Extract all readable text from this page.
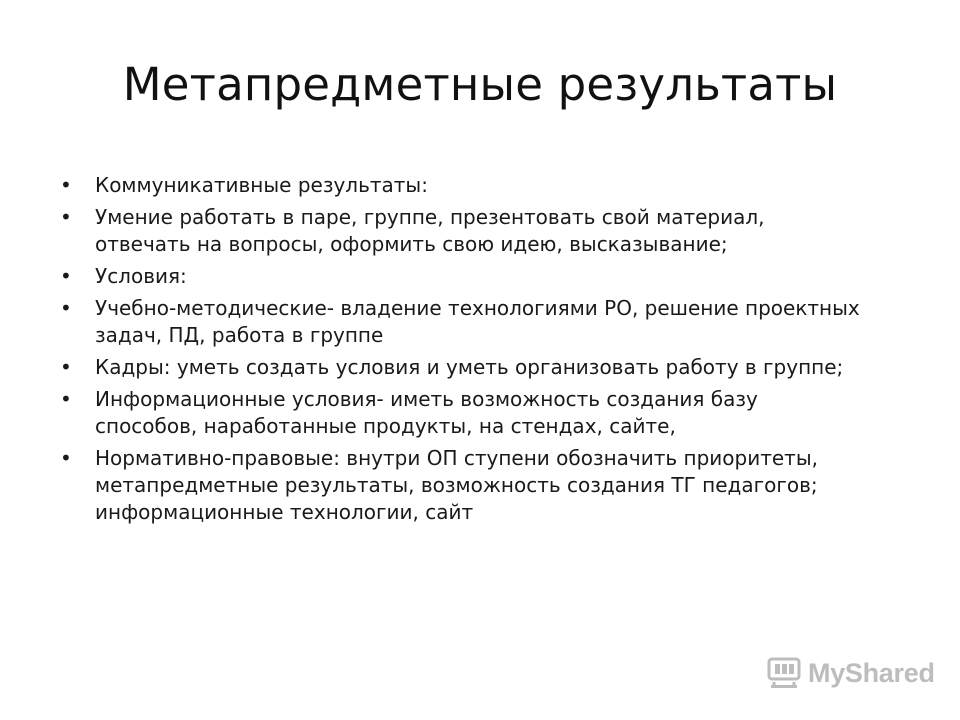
Метапредметные результаты
• Коммуникативные результаты:
• Умение работать в паре, группе, презентовать свой материал, отвечать на вопросы, оформить свою идею, высказывание;
• Условия:
• Учебно-методические- владение технологиями РО, решение проектных задач, ПД, работа в группе
• Кадры: уметь создать условия и уметь организовать работу в группе;
• Информационные условия- иметь возможность создания базу способов, наработанные продукты, на стендах, сайте,
• Нормативно-правовые: внутри ОП ступени обозначить приоритеты, метапредметные результаты, возможность создания ТГ педагогов; информационные технологии, сайт
MyShared
